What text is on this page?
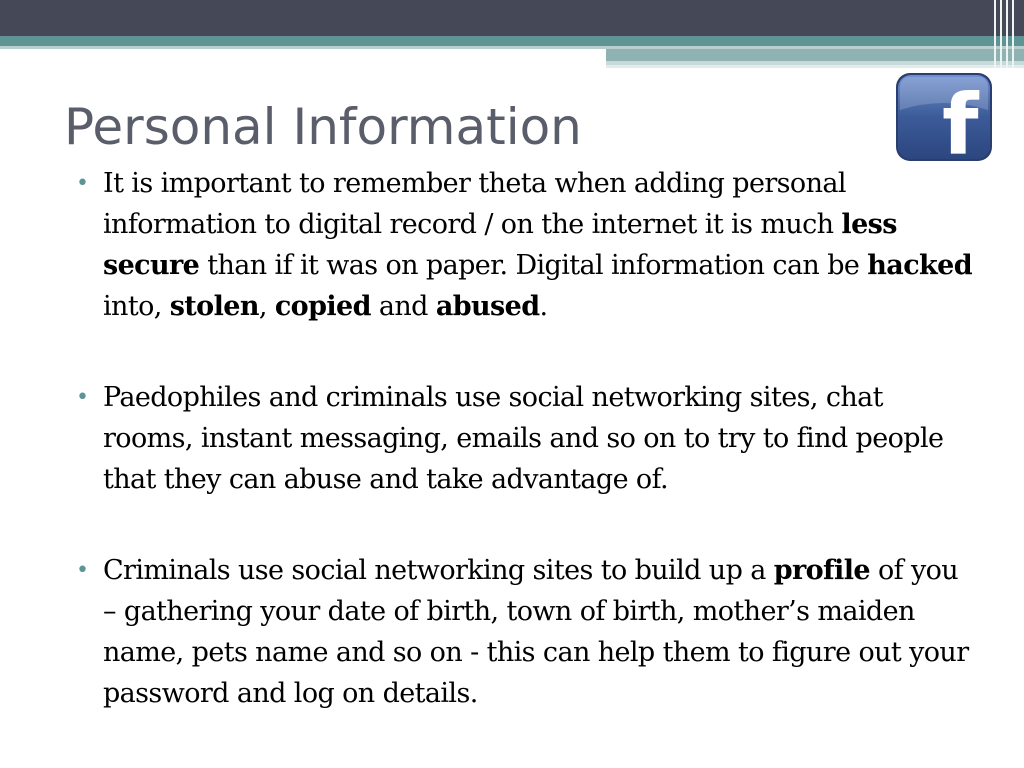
Personal Information	f
• It is important to remember theta when adding personal information to digital record / on the internet it is much less secure than if it was on paper. Digital information can be hacked into, stolen, copied and abused.
• Paedophiles and criminals use social networking sites, chat rooms, instant messaging, emails and so on to try to find people that they can abuse and take advantage of.
• Criminals use social networking sites to build up a profile of you – gathering your date of birth, town of birth, mother’s maiden name, pets name and so on - this can help them to figure out your password and log on details.
